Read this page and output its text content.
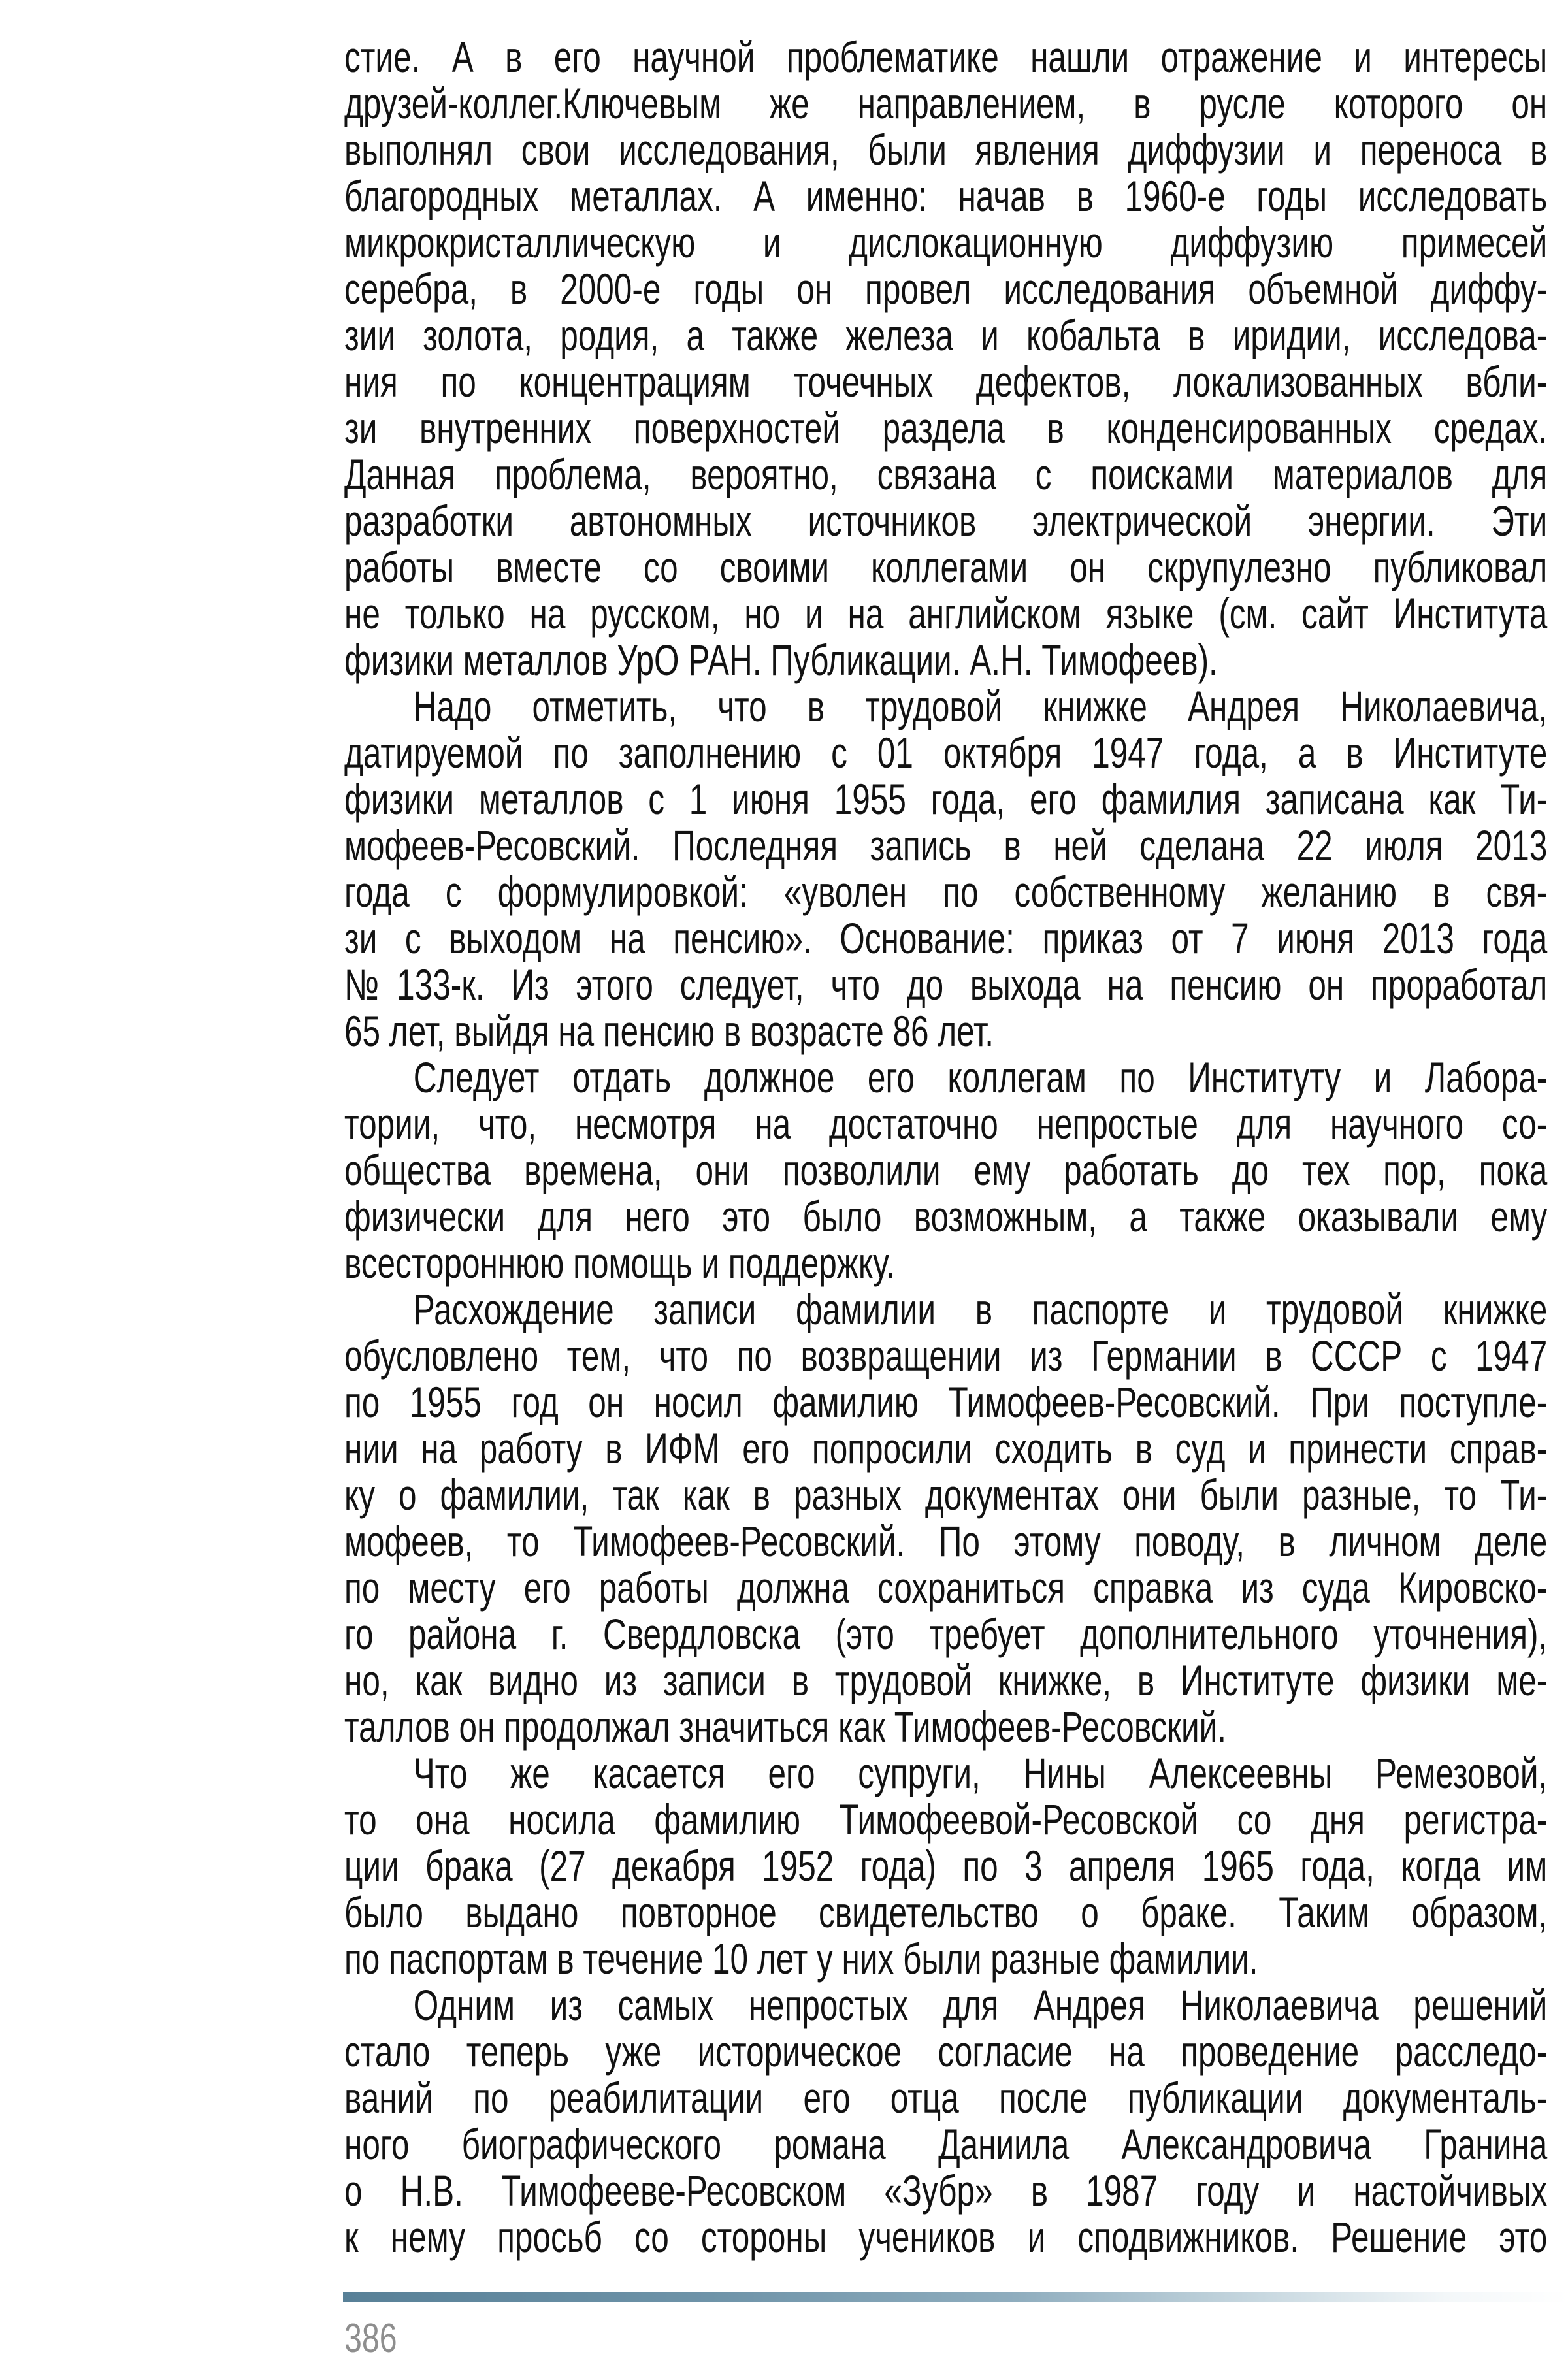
стие. А в его научной проблематике нашли отражение и интересы
друзей-коллег.Ключевым же направлением, в русле которого он
выполнял свои исследования, были явления диффузии и переноса в
благородных металлах. А именно: начав в 1960-е годы исследовать
микрокристаллическую и дислокационную диффузию примесей
серебра, в 2000-е годы он провел исследования объемной диффу-
зии золота, родия, а также железа и кобальта в иридии, исследова-
ния по концентрациям точечных дефектов, локализованных вбли-
зи внутренних поверхностей раздела в конденсированных средах.
Данная проблема, вероятно, связана с поисками материалов для
разработки автономных источников электрической энергии. Эти
работы вместе со своими коллегами он скрупулезно публиковал
не только на русском, но и на английском языке (см. сайт Института
физики металлов УрО РАН. Публикации. А.Н. Тимофеев).
Надо отметить, что в трудовой книжке Андрея Николаевича,
датируемой по заполнению с 01 октября 1947 года, а в Институте
физики металлов с 1 июня 1955 года, его фамилия записана как Ти-
мофеев-Ресовский. Последняя запись в ней сделана 22 июля 2013
года с формулировкой: «уволен по собственному желанию в свя-
зи с выходом на пенсию». Основание: приказ от 7 июня 2013 года
№133-к. Из этого следует, что до выхода на пенсию он проработал
65 лет, выйдя на пенсию в возрасте 86 лет.
Следует отдать должное его коллегам по Институту и Лабора-
тории, что, несмотря на достаточно непростые для научного со-
общества времена, они позволили ему работать до тех пор, пока
физически для него это было возможным, а также оказывали ему
всестороннюю помощь и поддержку.
Расхождение записи фамилии в паспорте и трудовой книжке
обусловлено тем, что по возвращении из Германии в СССР с 1947
по 1955 год он носил фамилию Тимофеев-Ресовский. При поступле-
нии на работу в ИФМ его попросили сходить в суд и принести справ-
ку о фамилии, так как в разных документах они были разные, то Ти-
мофеев, то Тимофеев-Ресовский. По этому поводу, в личном деле
по месту его работы должна сохраниться справка из суда Кировско-
го района г. Свердловска (это требует дополнительного уточнения),
но, как видно из записи в трудовой книжке, в Институте физики ме-
таллов он продолжал значиться как Тимофеев-Ресовский.
Что же касается его супруги, Нины Алексеевны Ремезовой,
то она носила фамилию Тимофеевой-Ресовской со дня регистра-
ции брака (27 декабря 1952 года) по 3 апреля 1965 года, когда им
было выдано повторное свидетельство о браке. Таким образом,
по паспортам в течение 10 лет у них были разные фамилии.
Одним из самых непростых для Андрея Николаевича решений
стало теперь уже историческое согласие на проведение расследо-
ваний по реабилитации его отца после публикации документаль-
ного биографического романа Даниила Александровича Гранина
о Н.В. Тимофееве-Ресовском «Зубр» в 1987 году и настойчивых
к нему просьб со стороны учеников и сподвижников. Решение это
386
